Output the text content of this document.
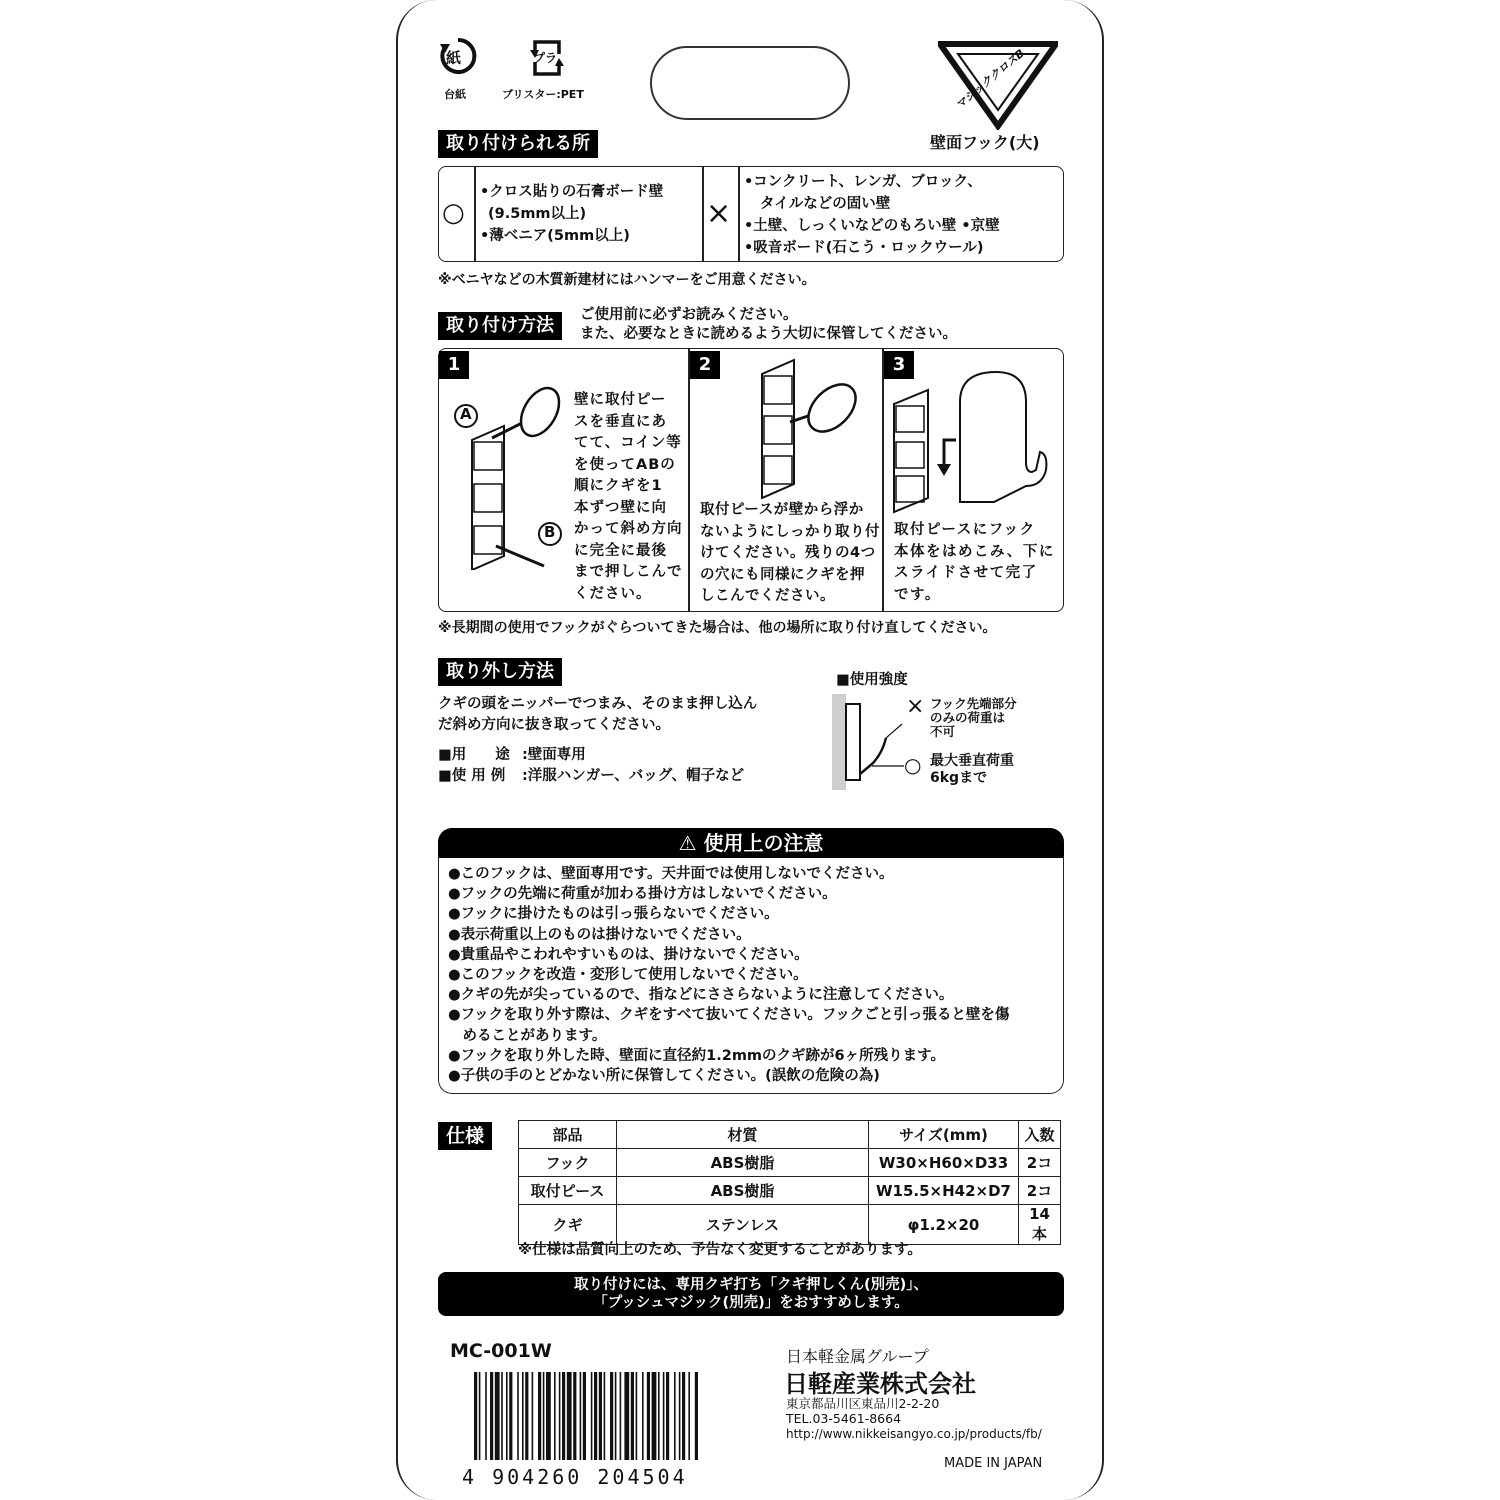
紙
台紙
プラ
ブリスター:PET	マジッククロスB
壁面フック(大)
取り付けられる所
○
•クロス貼りの石膏ボード壁
(9.5mm以上)
•薄ベニア(5mm以上)
×
•コンクリート、レンガ、ブロック、
タイルなどの固い壁
•土壁、しっくいなどのもろい壁 •京壁
•吸音ボード(石こう・ロックウール)
※ベニヤなどの木質新建材にはハンマーをご用意ください。
取り付け方法	ご使用前に必ずお読みください。
また、必要なときに読めるよう大切に保管してください。
1
A
B
壁に取付ピー
スを垂直にあ
てて、コイン等
を使ってABの
順にクギを1
本ずつ壁に向
かって斜め方向
に完全に最後
まで押しこんで
ください。
2
取付ピースが壁から浮か
ないようにしっかり取り付
けてください。残りの4つ
の穴にも同様にクギを押
しこんでください。
3
取付ピースにフック
本体をはめこみ、下に
スライドさせて完了
です。
※長期間の使用でフックがぐらついてきた場合は、他の場所に取り付け直してください。
取り外し方法
クギの頭をニッパーでつまみ、そのまま押し込ん
だ斜め方向に抜き取ってください。
■用　　途 :壁面専用
■使 用 例 :洋服ハンガー、バッグ、帽子など
■使用強度
× フック先端部分
のみの荷重は
不可
○ 最大垂直荷重
6kgまで
⚠ 使用上の注意
●このフックは、壁面専用です。天井面では使用しないでください。
●フックの先端に荷重が加わる掛け方はしないでください。
●フックに掛けたものは引っ張らないでください。
●表示荷重以上のものは掛けないでください。
●貴重品やこわれやすいものは、掛けないでください。
●このフックを改造・変形して使用しないでください。
●クギの先が尖っているので、指などにささらないように注意してください。
●フックを取り外す際は、クギをすべて抜いてください。フックごと引っ張ると壁を傷
　めることがあります。
●フックを取り外した時、壁面に直径約1.2mmのクギ跡が6ヶ所残ります。
●子供の手のとどかない所に保管してください。(誤飲の危険の為)
仕様	部品	材質	サイズ(mm)	入数
フック	ABS樹脂	W30×H60×D33	2コ
取付ピース	ABS樹脂	W15.5×H42×D7	2コ
クギ	ステンレス	φ1.2×20	14本
※仕様は品質向上のため、予告なく変更することがあります。
取り付けには、専用クギ打ち「クギ押しくん(別売)」、
「プッシュマジック(別売)」をおすすめします。
MC-001W
4 904260 204504
日本軽金属グループ
日軽産業株式会社
東京都品川区東品川2-2-20
TEL.03-5461-8664
http://www.nikkeisangyo.co.jp/products/fb/
MADE IN JAPAN
